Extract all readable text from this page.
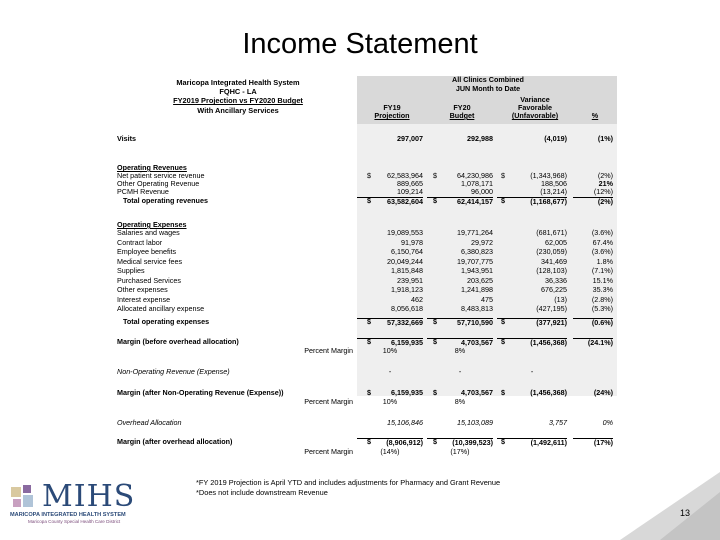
Income Statement
Maricopa Integrated Health System
FQHC - LA
FY2019 Projection vs FY2020 Budget
With Ancillary Services
All Clinics Combined
JUN Month to Date
FY19
Projection
FY20
Budget
Variance
Favorable
(Unfavorable)	%
Visits	297,007	292,988	(4,019)	(1%)
Operating Revenues
Net patient service revenue	$	62,583,964 $	64,230,986 $	(1,343,968)	(2%)
Other Operating Revenue	889,665	1,078,171	188,506	21%
PCMH Revenue	109,214	96,000	(13,214)	(12%)
Total operating revenues	$	63,582,604 $	62,414,157 $	(1,168,677)	(2%)
Operating Expenses
Salaries and wages	19,089,553	19,771,264	(681,671)	(3.6%)
Contract labor	91,978	29,972	62,005	67.4%
Employee benefits	6,150,764	6,380,823	(230,059)	(3.6%)
Medical service fees	20,049,244	19,707,775	341,469	1.8%
Supplies	1,815,848	1,943,951	(128,103)	(7.1%)
Purchased Services	239,951	203,625	36,336	15.1%
Other expenses	1,918,123	1,241,898	676,225	35.3%
Interest expense	462	475	(13)	(2.8%)
Allocated ancillary expense	8,056,618	8,483,813	(427,195)	(5.3%)
Total operating expenses	$	57,332,669 $	57,710,590 $	(377,921)	(0.6%)
Margin (before overhead allocation)	$	6,159,935 $	4,703,567 $	(1,456,368)	(24.1%)
Percent Margin	10%	8%
Non-Operating Revenue (Expense)	-	-	-
Margin (after Non-Operating Revenue (Expense))	$	6,159,935 $	4,703,567 $	(1,456,368)	(24%)
Percent Margin	10%	8%
Overhead Allocation	15,106,846	15,103,089	3,757	0%
Margin (after overhead allocation)	$	(8,906,912) $	(10,399,523) $	(1,492,611)	(17%)
Percent Margin	(14%)	(17%)
*FY 2019 Projection is April YTD and includes adjustments for Pharmacy and Grant Revenue
*Does not include downstream Revenue
MIHS
MARICOPA INTEGRATED HEALTH SYSTEM
Maricopa County Special Health Care District
13
